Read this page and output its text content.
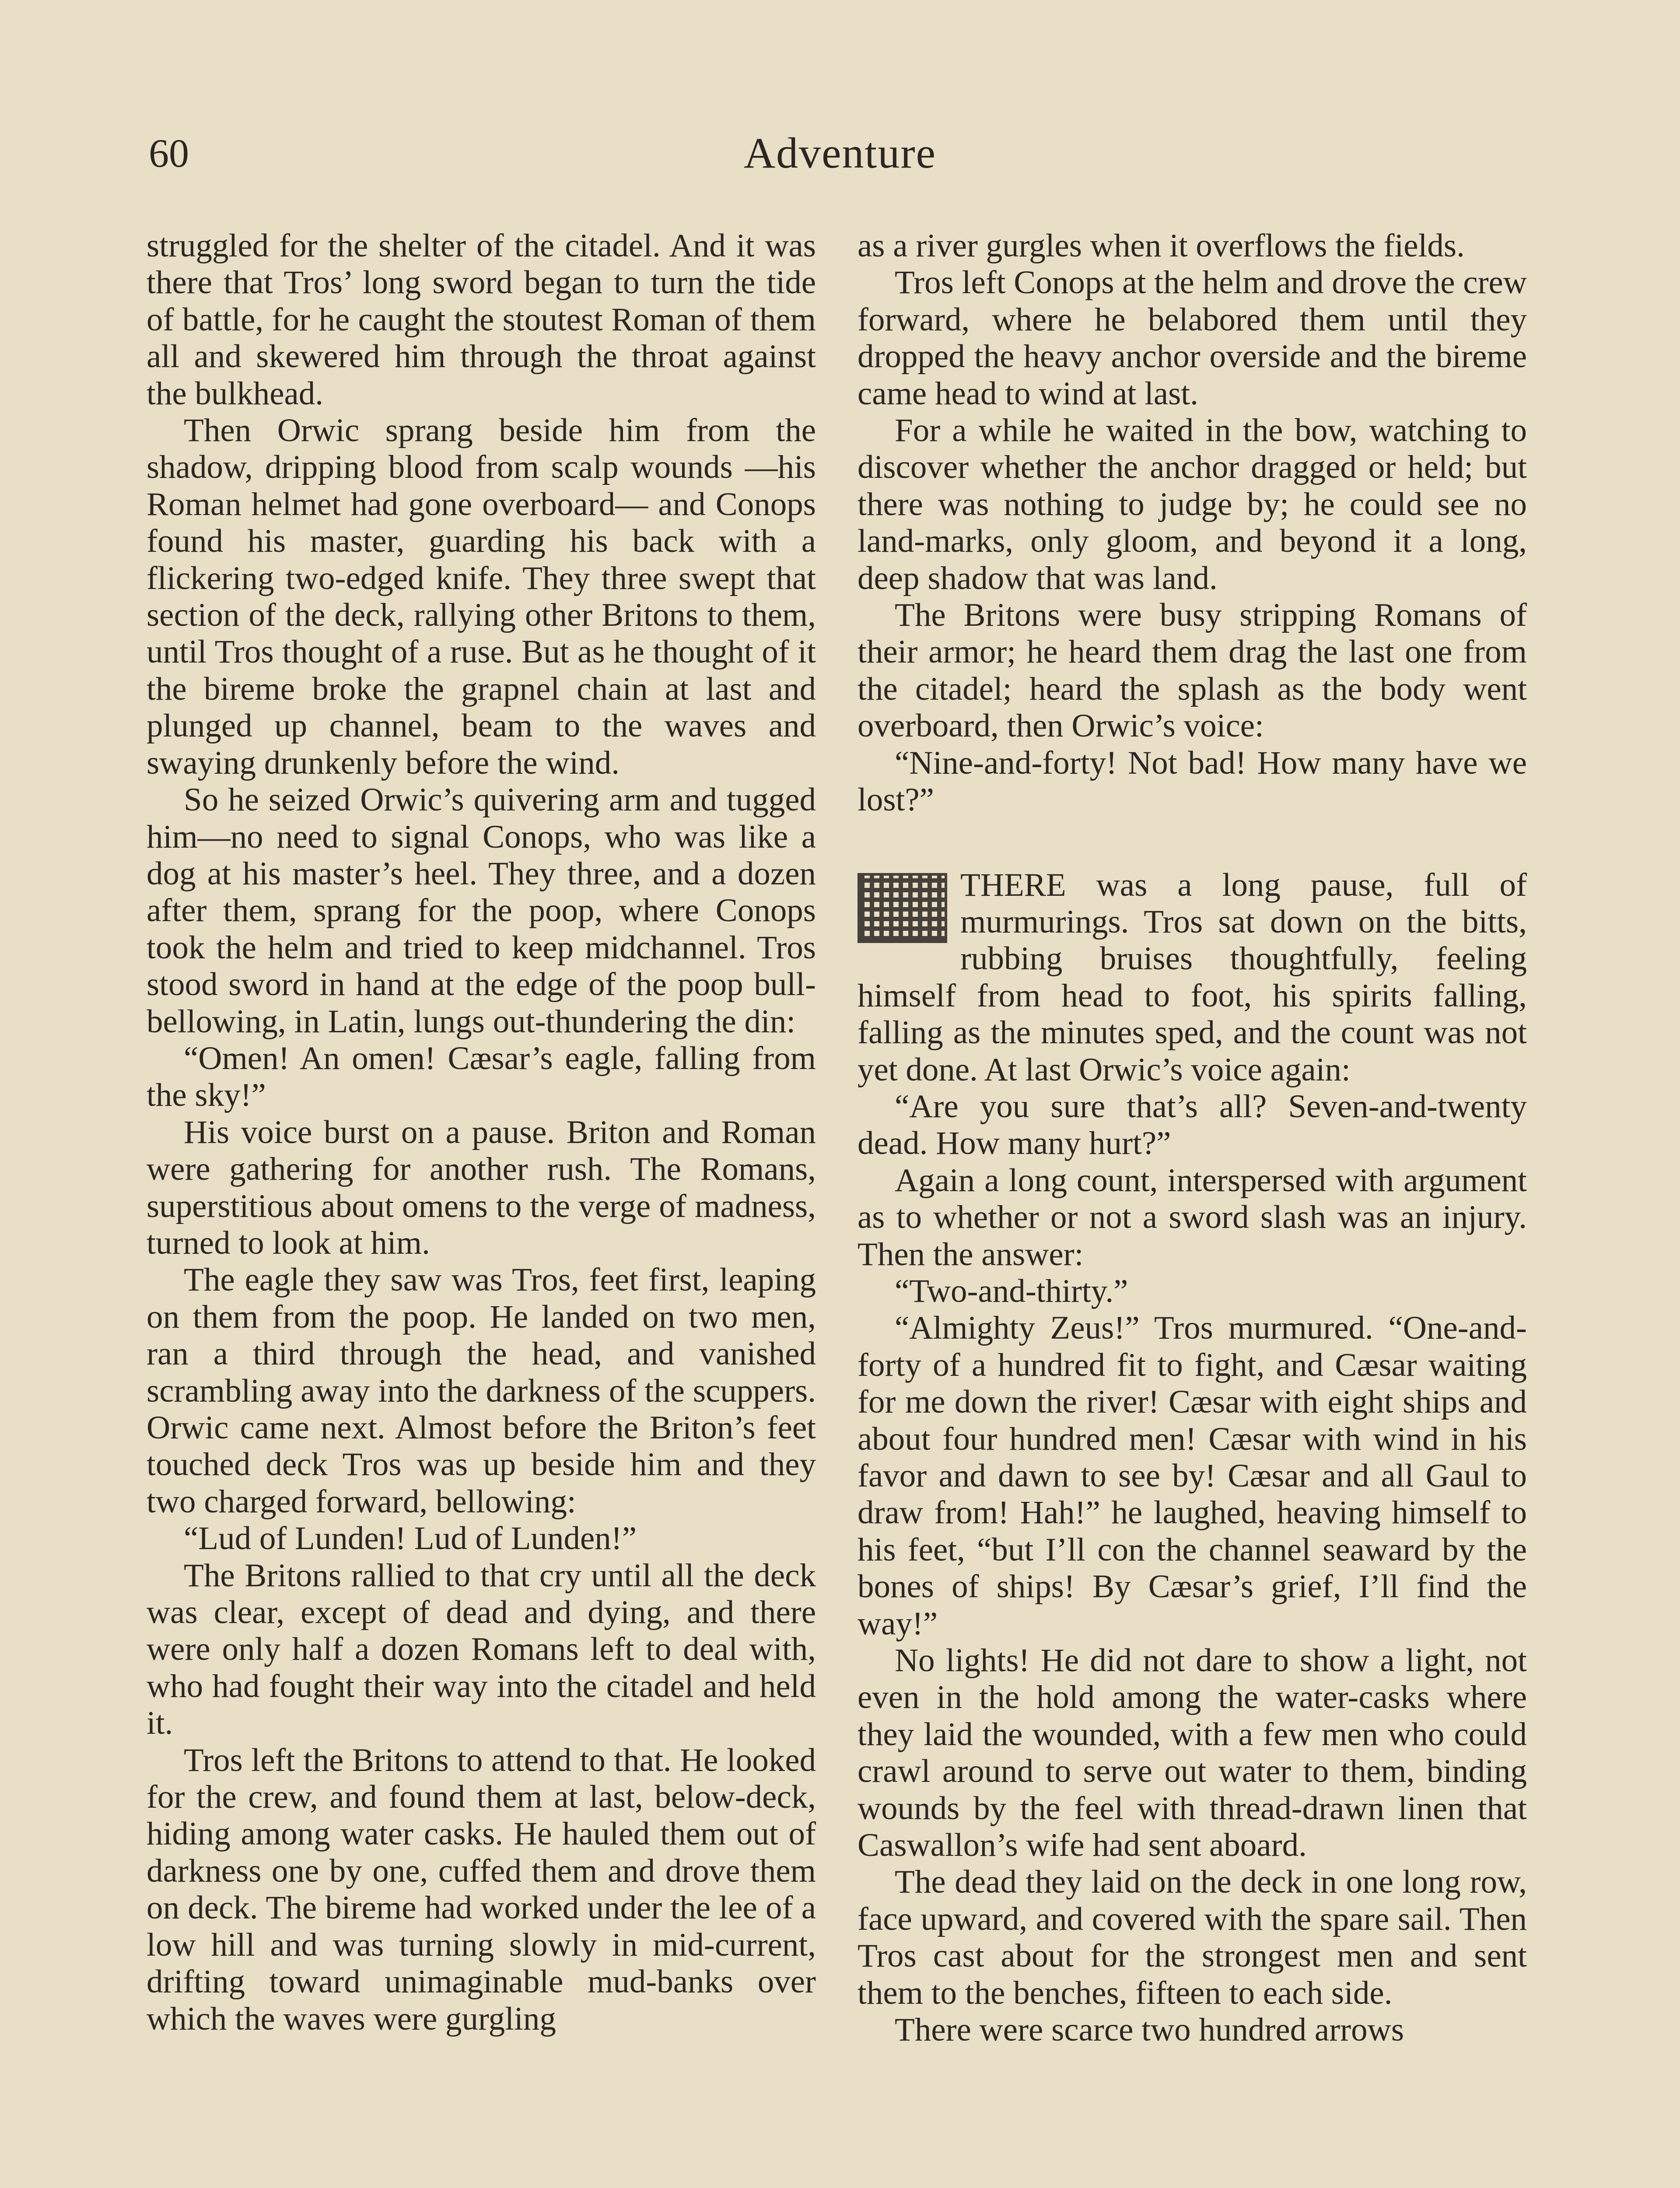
60	Adventure

struggled for the shelter of the citadel. And it was there that Tros’ long sword began to turn the tide of battle, for he caught the stoutest Roman of them all and skewered him through the throat against the bulkhead.

Then Orwic sprang beside him from the shadow, dripping blood from scalp wounds —his Roman helmet had gone overboard— and Conops found his master, guarding his back with a flickering two-edged knife. They three swept that section of the deck, rallying other Britons to them, until Tros thought of a ruse. But as he thought of it the bireme broke the grapnel chain at last and plunged up channel, beam to the waves and swaying drunkenly before the wind.

So he seized Orwic’s quivering arm and tugged him—no need to signal Conops, who was like a dog at his master’s heel. They three, and a dozen after them, sprang for the poop, where Conops took the helm and tried to keep midchannel. Tros stood sword in hand at the edge of the poop bull-bellowing, in Latin, lungs out-thundering the din:

“Omen! An omen! Cæsar’s eagle, falling from the sky!”

His voice burst on a pause. Briton and Roman were gathering for another rush. The Romans, superstitious about omens to the verge of madness, turned to look at him.

The eagle they saw was Tros, feet first, leaping on them from the poop. He landed on two men, ran a third through the head, and vanished scrambling away into the darkness of the scuppers. Orwic came next. Almost before the Briton’s feet touched deck Tros was up beside him and they two charged forward, bellowing:

“Lud of Lunden! Lud of Lunden!”

The Britons rallied to that cry until all the deck was clear, except of dead and dying, and there were only half a dozen Romans left to deal with, who had fought their way into the citadel and held it.

Tros left the Britons to attend to that. He looked for the crew, and found them at last, below-deck, hiding among water casks. He hauled them out of darkness one by one, cuffed them and drove them on deck. The bireme had worked under the lee of a low hill and was turning slowly in mid-current, drifting toward unimaginable mud-banks over which the waves were gurgling

as a river gurgles when it overflows the fields.

Tros left Conops at the helm and drove the crew forward, where he belabored them until they dropped the heavy anchor overside and the bireme came head to wind at last.

For a while he waited in the bow, watching to discover whether the anchor dragged or held; but there was nothing to judge by; he could see no land-marks, only gloom, and beyond it a long, deep shadow that was land.

The Britons were busy stripping Romans of their armor; he heard them drag the last one from the citadel; heard the splash as the body went overboard, then Orwic’s voice:

“Nine-and-forty! Not bad! How many have we lost?”

THERE was a long pause, full of murmurings. Tros sat down on the bitts, rubbing bruises thoughtfully, feeling himself from head to foot, his spirits falling, falling as the minutes sped, and the count was not yet done. At last Orwic’s voice again:

“Are you sure that’s all? Seven-and-twenty dead. How many hurt?”

Again a long count, interspersed with argument as to whether or not a sword slash was an injury. Then the answer:

“Two-and-thirty.”

“Almighty Zeus!” Tros murmured. “One-and-forty of a hundred fit to fight, and Cæsar waiting for me down the river! Cæsar with eight ships and about four hundred men! Cæsar with wind in his favor and dawn to see by! Cæsar and all Gaul to draw from! Hah!” he laughed, heaving himself to his feet, “but I’ll con the channel seaward by the bones of ships! By Cæsar’s grief, I’ll find the way!”

No lights! He did not dare to show a light, not even in the hold among the water-casks where they laid the wounded, with a few men who could crawl around to serve out water to them, binding wounds by the feel with thread-drawn linen that Caswallon’s wife had sent aboard.

The dead they laid on the deck in one long row, face upward, and covered with the spare sail. Then Tros cast about for the strongest men and sent them to the benches, fifteen to each side.

There were scarce two hundred arrows
